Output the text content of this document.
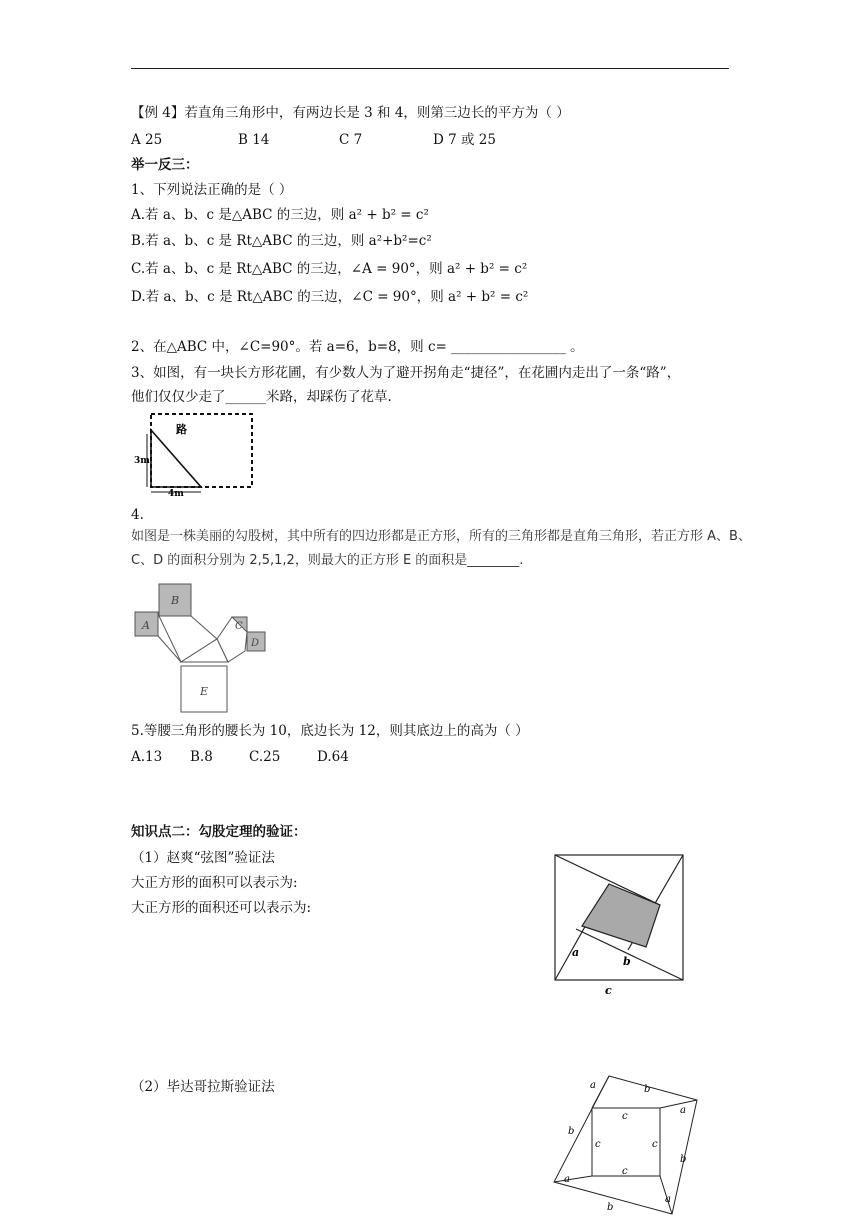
【例 4】若直角三角形中，有两边长是 3 和 4，则第三边长的平方为（ ）
A 25	B 14	C 7	D 7 或 25
举一反三：
1、下列说法正确的是（ ）
A.若 a、b、c 是△ABC 的三边，则 a² + b² = c²
B.若 a、b、c 是 Rt△ABC 的三边，则 a²+b²=c²
C.若 a、b、c 是 Rt△ABC 的三边，∠A = 90°，则 a² + b² = c²
D.若 a、b、c 是 Rt△ABC 的三边，∠C = 90°，则 a² + b² = c²
2、在△ABC 中，∠C=90°。若 a=6，b=8，则 c= _________________ 。
3、如图，有一块长方形花圃，有少数人为了避开拐角走“捷径”，在花圃内走出了一条“路”，
他们仅仅少走了______米路，却踩伤了花草.
路
3m
4m
4.
如图是一株美丽的勾股树，其中所有的四边形都是正方形，所有的三角形都是直角三角形，若正方形 A、B、
C、D 的面积分别为 2,5,1,2，则最大的正方形 E 的面积是________.
A
B
C
D
E
5.等腰三角形的腰长为 10，底边长为 12，则其底边上的高为（ ）
A.13 B.8	C.25	D.64
知识点二：勾股定理的验证：
（1）赵爽“弦图”验证法
大正方形的面积可以表示为:
大正方形的面积还可以表示为:
a
b
c
（2）毕达哥拉斯验证法	a	b
a
b
a
b
b
a
c
c
c
c
